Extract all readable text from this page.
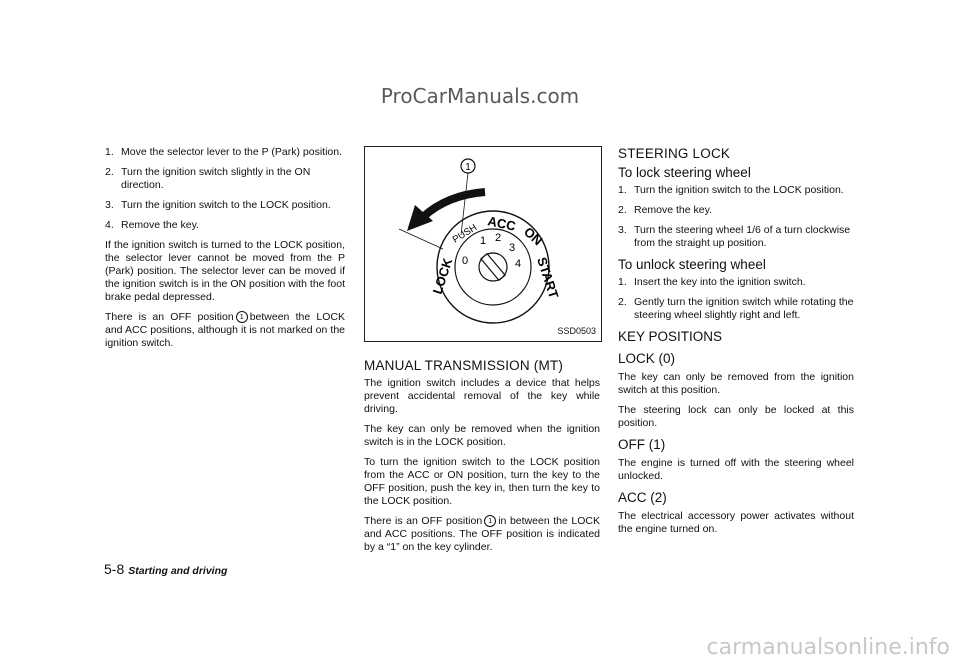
ProCarManuals.com
1. Move the selector lever to the P (Park) position.
2. Turn the ignition switch slightly in the ON direction.
3. Turn the ignition switch to the LOCK position.
4. Remove the key.

If the ignition switch is turned to the LOCK position, the selector lever cannot be moved from the P (Park) position. The selector lever can be moved if the ignition switch is in the ON position with the foot brake pedal depressed.

There is an OFF position 1 between the LOCK and ACC positions, although it is not marked on the ignition switch.

1
LOCK
PUSH ACC
ON
START
0
1 2
3
4
SSD0503
MANUAL TRANSMISSION (MT)

The ignition switch includes a device that helps prevent accidental removal of the key while driving.

The key can only be removed when the ignition switch is in the LOCK position.

To turn the ignition switch to the LOCK position from the ACC or ON position, turn the key to the OFF position, push the key in, then turn the key to the LOCK position.

There is an OFF position 1 in between the LOCK and ACC positions. The OFF position is indicated by a “1” on the key cylinder.

STEERING LOCK
To lock steering wheel
1. Turn the ignition switch to the LOCK position.
2. Remove the key.
3. Turn the steering wheel 1/6 of a turn clockwise from the straight up position.
To unlock steering wheel
1. Insert the key into the ignition switch.
2. Gently turn the ignition switch while rotating the steering wheel slightly right and left.
KEY POSITIONS
LOCK (0)

The key can only be removed from the ignition switch at this position.

The steering lock can only be locked at this position.

OFF (1)

The engine is turned off with the steering wheel unlocked.

ACC (2)

The electrical accessory power activates without the engine turned on.

5-8 Starting and driving
carmanualsonline.info
